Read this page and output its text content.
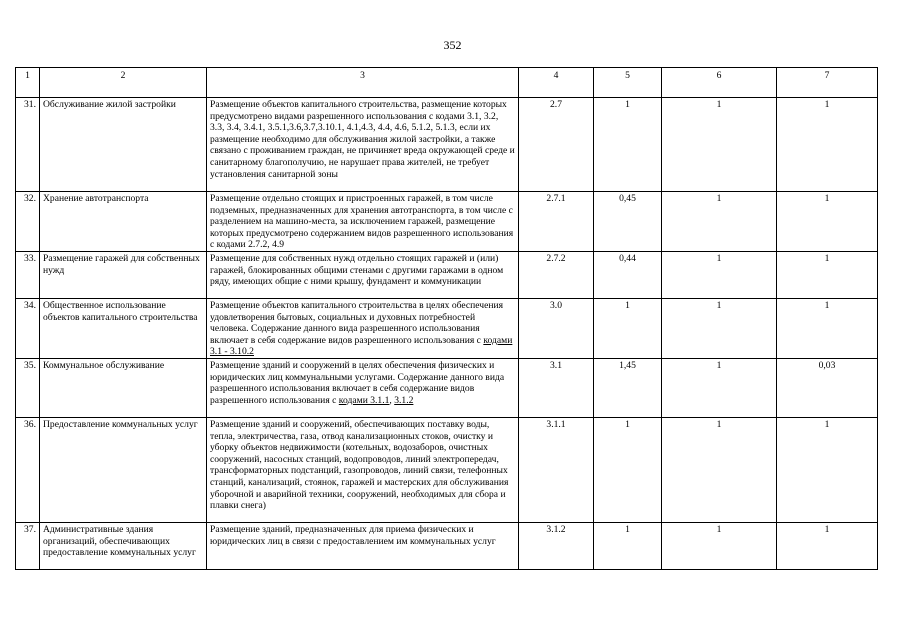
352
1	2	3	4	5	6	7
31.	Обслуживание жилой застройки	Размещение объектов капитального строительства, размещение которых предусмотрено видами разрешенного использования с кодами 3.1, 3.2, 3.3, 3.4, 3.4.1, 3.5.1,3.6,3.7,3.10.1, 4.1,4.3, 4.4, 4.6, 5.1.2, 5.1.3, если их размещение необходимо для обслуживания жилой застройки, а также связано с проживанием граждан, не причиняет вреда окружающей среде и санитарному благополучию, не нарушает права жителей, не требует установления санитарной зоны	2.7	1	1	1
32.	Хранение автотранспорта	Размещение отдельно стоящих и пристроенных гаражей, в том числе подземных, предназначенных для хранения автотранспорта, в том числе с разделением на машино-места, за исключением гаражей, размещение которых предусмотрено содержанием видов разрешенного использования с кодами 2.7.2, 4.9	2.7.1	0,45	1	1
33.	Размещение гаражей для собственных нужд	Размещение для собственных нужд отдельно стоящих гаражей и (или) гаражей, блокированных общими стенами с другими гаражами в одном ряду, имеющих общие с ними крышу, фундамент и коммуникации	2.7.2	0,44	1	1
34.	Общественное использование объектов капитального строительства	Размещение объектов капитального строительства в целях обеспечения удовлетворения бытовых, социальных и духовных потребностей человека. Содержание данного вида разрешенного использования включает в себя содержание видов разрешенного использования с кодами 3.1 - 3.10.2	3.0	1	1	1
35.	Коммунальное обслуживание	Размещение зданий и сооружений в целях обеспечения физических и юридических лиц коммунальными услугами. Содержание данного вида разрешенного использования включает в себя содержание видов разрешенного использования с кодами 3.1.1, 3.1.2	3.1	1,45	1	0,03
36.	Предоставление коммунальных услуг	Размещение зданий и сооружений, обеспечивающих поставку воды, тепла, электричества, газа, отвод канализационных стоков, очистку и уборку объектов недвижимости (котельных, водозаборов, очистных сооружений, насосных станций, водопроводов, линий электропередач, трансформаторных подстанций, газопроводов, линий связи, телефонных станций, канализаций, стоянок, гаражей и мастерских для обслуживания уборочной и аварийной техники, сооружений, необходимых для сбора и плавки снега)	3.1.1	1	1	1
37.	Административные здания организаций, обеспечивающих предоставление коммунальных услуг	Размещение зданий, предназначенных для приема физических и юридических лиц в связи с предоставлением им коммунальных услуг	3.1.2	1	1	1
